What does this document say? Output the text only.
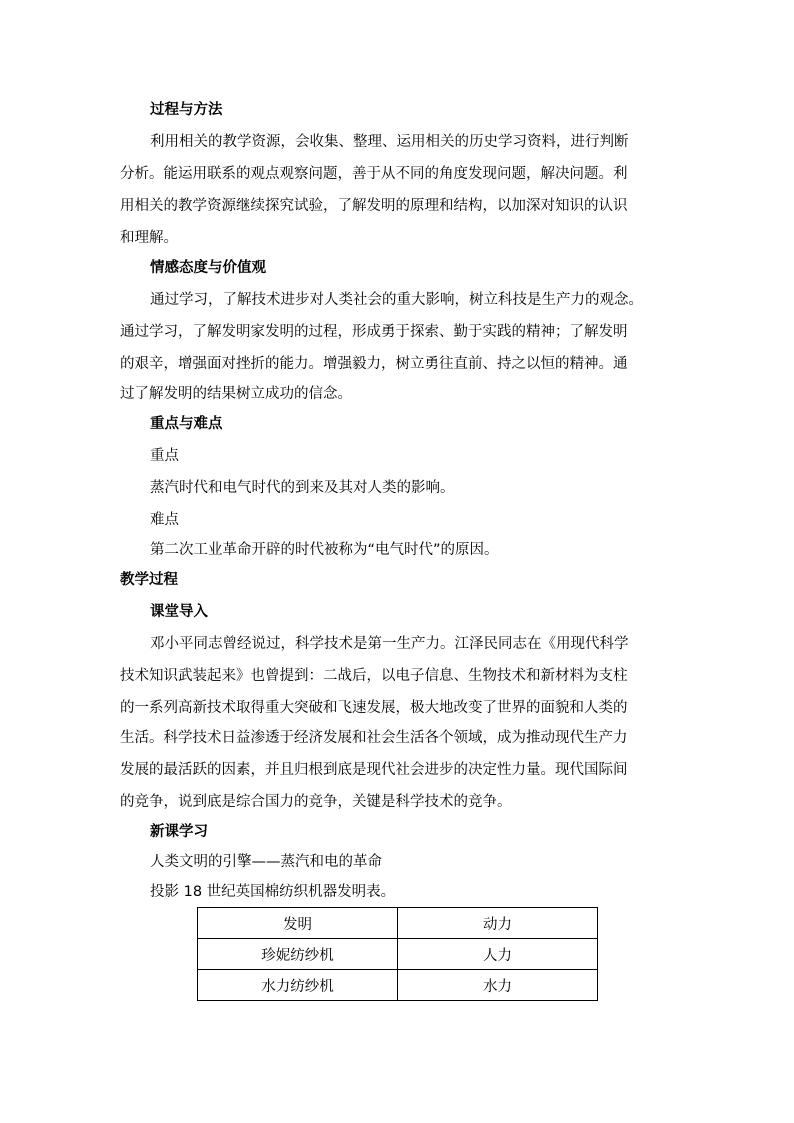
过程与方法
利用相关的教学资源，会收集、整理、运用相关的历史学习资料，进行判断
分析。能运用联系的观点观察问题，善于从不同的角度发现问题，解决问题。利
用相关的教学资源继续探究试验，了解发明的原理和结构，以加深对知识的认识
和理解。
情感态度与价值观
通过学习，了解技术进步对人类社会的重大影响，树立科技是生产力的观念。
通过学习，了解发明家发明的过程，形成勇于探索、勤于实践的精神；了解发明
的艰辛，增强面对挫折的能力。增强毅力，树立勇往直前、持之以恒的精神。通
过了解发明的结果树立成功的信念。
重点与难点
重点
蒸汽时代和电气时代的到来及其对人类的影响。
难点
第二次工业革命开辟的时代被称为“电气时代”的原因。
教学过程
课堂导入
邓小平同志曾经说过，科学技术是第一生产力。江泽民同志在《用现代科学
技术知识武装起来》也曾提到：二战后，以电子信息、生物技术和新材料为支柱
的一系列高新技术取得重大突破和飞速发展，极大地改变了世界的面貌和人类的
生活。科学技术日益渗透于经济发展和社会生活各个领域，成为推动现代生产力
发展的最活跃的因素，并且归根到底是现代社会进步的决定性力量。现代国际间
的竞争，说到底是综合国力的竞争，关键是科学技术的竞争。
新课学习
人类文明的引擎——蒸汽和电的革命
投影 18 世纪英国棉纺织机器发明表。
发明	动力
珍妮纺纱机	人力
水力纺纱机	水力
